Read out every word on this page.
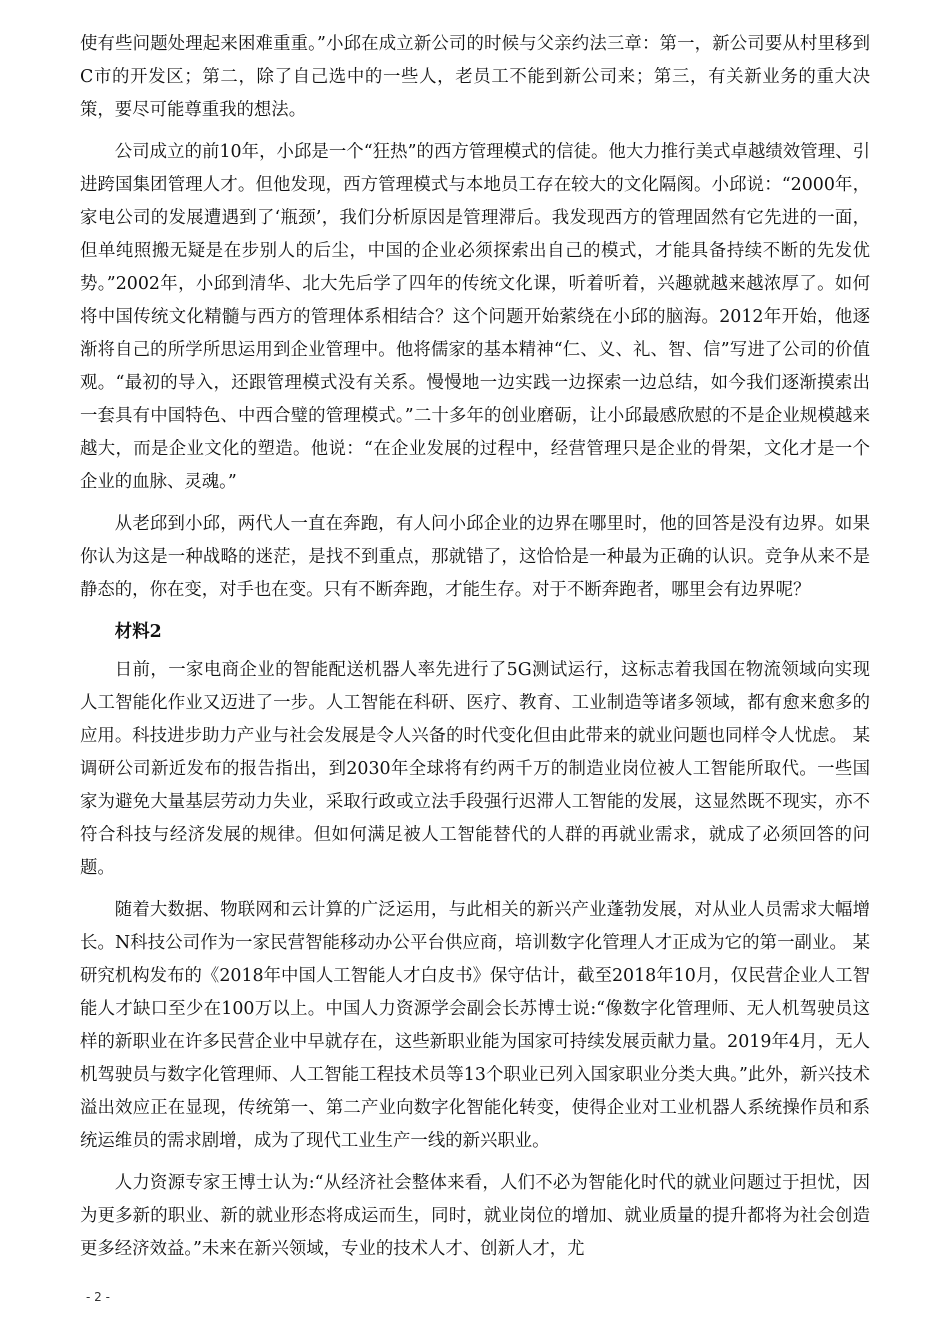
使有些问题处理起来困难重重。”小邱在成立新公司的时候与父亲约法三章：第一，新公司要从村里移到C市的开发区；第二，除了自己选中的一些人，老员工不能到新公司来；第三，有关新业务的重大决策，要尽可能尊重我的想法。

公司成立的前10年，小邱是一个“狂热”的西方管理模式的信徒。他大力推行美式卓越绩效管理、引进跨国集团管理人才。但他发现，西方管理模式与本地员工存在较大的文化隔阂。小邱说：“2000年，家电公司的发展遭遇到了‘瓶颈’，我们分析原因是管理滞后。我发现西方的管理固然有它先进的一面，但单纯照搬无疑是在步别人的后尘，中国的企业必须探索出自己的模式，才能具备持续不断的先发优势。”2002年，小邱到清华、北大先后学了四年的传统文化课，听着听着，兴趣就越来越浓厚了。如何将中国传统文化精髓与西方的管理体系相结合？这个问题开始萦绕在小邱的脑海。2012年开始，他逐渐将自己的所学所思运用到企业管理中。他将儒家的基本精神“仁、义、礼、智、信”写进了公司的价值观。“最初的导入，还跟管理模式没有关系。慢慢地一边实践一边探索一边总结，如今我们逐渐摸索出一套具有中国特色、中西合璧的管理模式。”二十多年的创业磨砺，让小邱最感欣慰的不是企业规模越来越大，而是企业文化的塑造。他说：“在企业发展的过程中，经营管理只是企业的骨架，文化才是一个企业的血脉、灵魂。”

从老邱到小邱，两代人一直在奔跑，有人问小邱企业的边界在哪里时，他的回答是没有边界。如果你认为这是一种战略的迷茫，是找不到重点，那就错了，这恰恰是一种最为正确的认识。竞争从来不是静态的，你在变，对手也在变。只有不断奔跑，才能生存。对于不断奔跑者，哪里会有边界呢？

材料2

日前，一家电商企业的智能配送机器人率先进行了5G测试运行，这标志着我国在物流领域向实现人工智能化作业又迈进了一步。人工智能在科研、医疗、教育、工业制造等诸多领域，都有愈来愈多的应用。科技进步助力产业与社会发展是令人兴备的时代变化但由此带来的就业问题也同样令人忧虑。 某调研公司新近发布的报告指出，到2030年全球将有约两千万的制造业岗位被人工智能所取代。一些国家为避免大量基层劳动力失业，采取行政或立法手段强行迟滞人工智能的发展，这显然既不现实，亦不符合科技与经济发展的规律。但如何满足被人工智能替代的人群的再就业需求，就成了必须回答的问题。

随着大数据、物联网和云计算的广泛运用，与此相关的新兴产业蓬勃发展，对从业人员需求大幅增长。N科技公司作为一家民营智能移动办公平台供应商，培训数字化管理人才正成为它的第一副业。 某研究机构发布的《2018年中国人工智能人才白皮书》保守估计，截至2018年10月，仅民营企业人工智能人才缺口至少在100万以上。中国人力资源学会副会长苏博士说:“像数字化管理师、无人机驾驶员这样的新职业在许多民营企业中早就存在，这些新职业能为国家可持续发展贡献力量。2019年4月，无人机驾驶员与数字化管理师、人工智能工程技术员等13个职业已列入国家职业分类大典。”此外，新兴技术溢出效应正在显现，传统第一、第二产业向数字化智能化转变，使得企业对工业机器人系统操作员和系统运维员的需求剧增，成为了现代工业生产一线的新兴职业。

人力资源专家王博士认为:“从经济社会整体来看，人们不必为智能化时代的就业问题过于担忧，因为更多新的职业、新的就业形态将成运而生，同时，就业岗位的增加、就业质量的提升都将为社会创造更多经济效益。”未来在新兴领域，专业的技术人才、创新人才，尤

- 2 -
